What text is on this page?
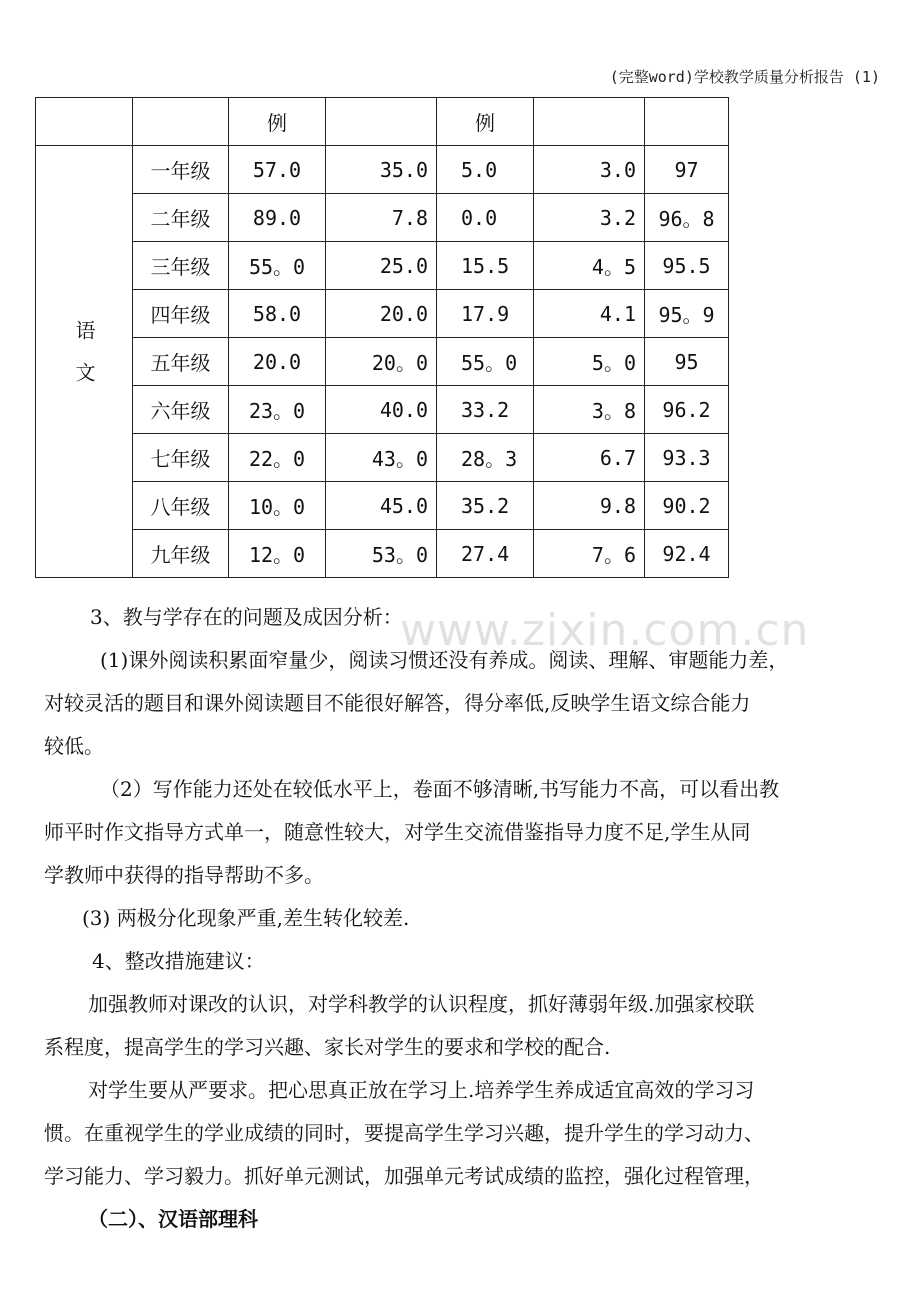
(完整word)学校教学质量分析报告 (1)
www.zixin.com.cn
		例		例		
语文	一年级	57.0	35.0	5.0	3.0	97
	二年级	89.0	7.8	0.0	3.2	96。8
	三年级	55。0	25.0	15.5	4。5	95.5
	四年级	58.0	20.0	17.9	4.1	95。9
	五年级	20.0	20。0	55。0	5。0	95
	六年级	23。0	40.0	33.2	3。8	96.2
	七年级	22。0	43。0	28。3	6.7	93.3
	八年级	10。0	45.0	35.2	9.8	90.2
	九年级	12。0	53。0	27.4	7。6	92.4

3、教与学存在的问题及成因分析：

(1)课外阅读积累面窄量少，阅读习惯还没有养成。阅读、理解、审题能力差，

对较灵活的题目和课外阅读题目不能很好解答，得分率低,反映学生语文综合能力

较低。

（2）写作能力还处在较低水平上，卷面不够清晰,书写能力不高，可以看出教

师平时作文指导方式单一，随意性较大，对学生交流借鉴指导力度不足,学生从同

学教师中获得的指导帮助不多。

(3) 两极分化现象严重,差生转化较差.

4、整改措施建议：

加强教师对课改的认识，对学科教学的认识程度，抓好薄弱年级.加强家校联

系程度，提高学生的学习兴趣、家长对学生的要求和学校的配合.

对学生要从严要求。把心思真正放在学习上.培养学生养成适宜高效的学习习

惯。在重视学生的学业成绩的同时，要提高学生学习兴趣，提升学生的学习动力、

学习能力、学习毅力。抓好单元测试，加强单元考试成绩的监控，强化过程管理，

（二）、汉语部理科
